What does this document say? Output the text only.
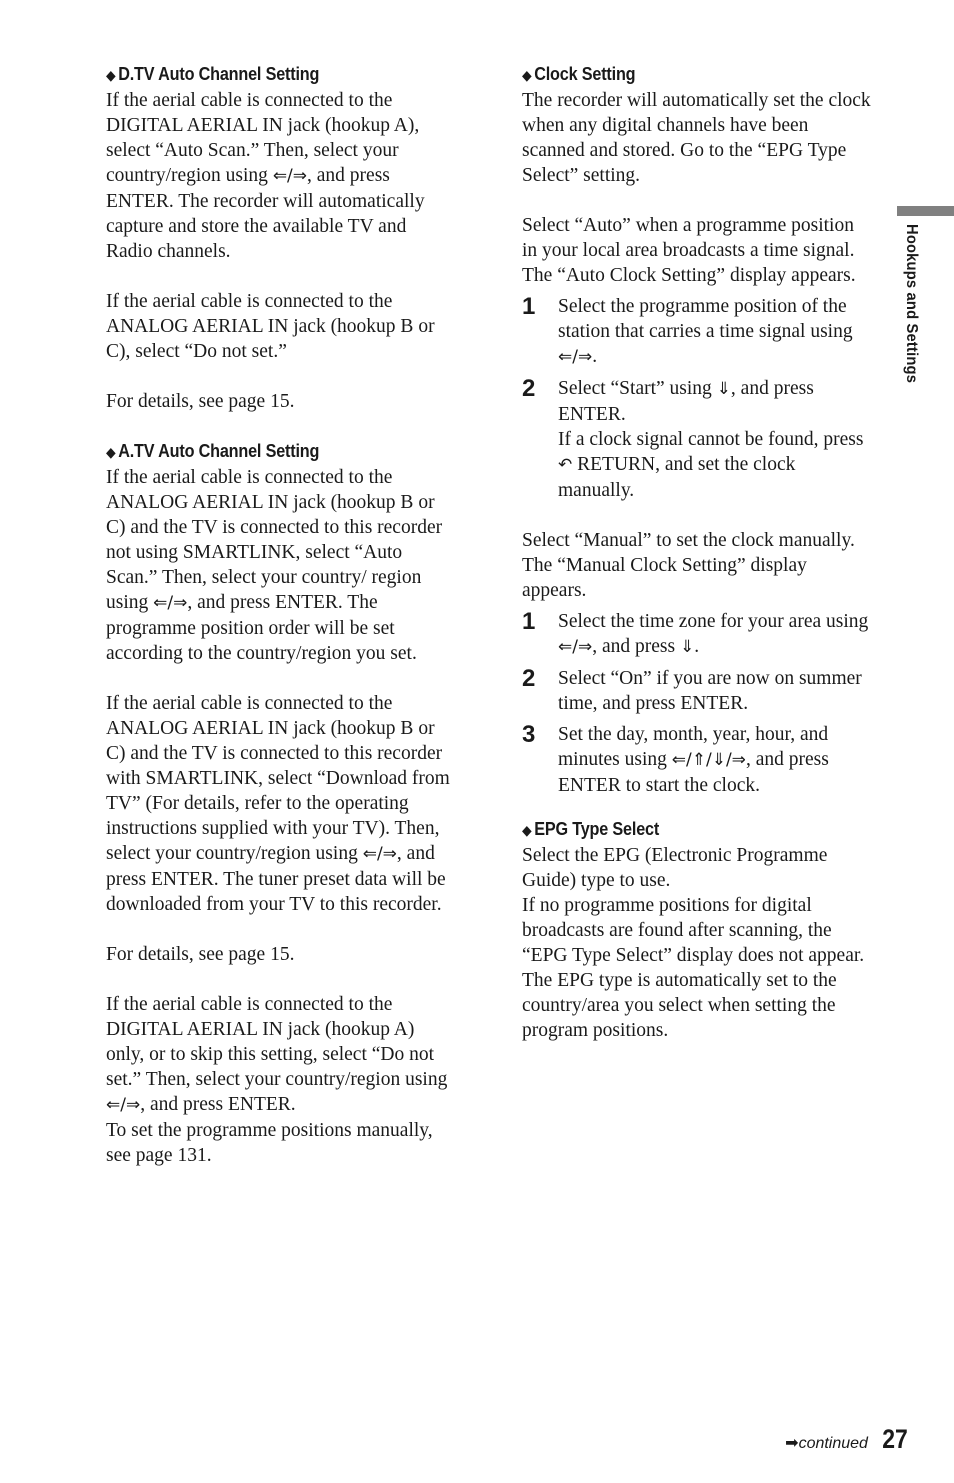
Hookups and Settings
◆ D.TV Auto Channel Setting

If the aerial cable is connected to the DIGITAL AERIAL IN jack (hookup A), select “Auto Scan.” Then, select your country/region using ⇐/⇒, and press ENTER. The recorder will automatically capture and store the available TV and Radio channels.

If the aerial cable is connected to the ANALOG AERIAL IN jack (hookup B or C), select “Do not set.”

For details, see page 15.

◆ A.TV Auto Channel Setting

If the aerial cable is connected to the ANALOG AERIAL IN jack (hookup B or C) and the TV is connected to this recorder not using SMARTLINK, select “Auto Scan.” Then, select your country/ region using ⇐/⇒, and press ENTER. The programme position order will be set according to the country/region you set.

If the aerial cable is connected to the ANALOG AERIAL IN jack (hookup B or C) and the TV is connected to this recorder with SMARTLINK, select “Download from TV” (For details, refer to the operating instructions supplied with your TV). Then, select your country/region using ⇐/⇒, and press ENTER. The tuner preset data will be downloaded from your TV to this recorder.

For details, see page 15.

If the aerial cable is connected to the DIGITAL AERIAL IN jack (hookup A) only, or to skip this setting, select “Do not set.” Then, select your country/region using ⇐/⇒, and press ENTER.

To set the programme positions manually, see page 131.

◆ Clock Setting

The recorder will automatically set the clock when any digital channels have been scanned and stored. Go to the “EPG Type Select” setting.

Select “Auto” when a programme position in your local area broadcasts a time signal. The “Auto Clock Setting” display appears.

1	Select the programme position of the station that carries a time signal using ⇐/⇒.
2	Select “Start” using ⇓, and press ENTER.
If a clock signal cannot be found, press ↶ RETURN, and set the clock manually.

Select “Manual” to set the clock manually. The “Manual Clock Setting” display appears.

1	Select the time zone for your area using ⇐/⇒, and press ⇓.
2	Select “On” if you are now on summer time, and press ENTER.
3	Set the day, month, year, hour, and minutes using ⇐/⇑/⇓/⇒, and press ENTER to start the clock.
◆ EPG Type Select

Select the EPG (Electronic Programme Guide) type to use.

If no programme positions for digital broadcasts are found after scanning, the “EPG Type Select” display does not appear. The EPG type is automatically set to the country/area you select when setting the program positions.

➡ continued 27
